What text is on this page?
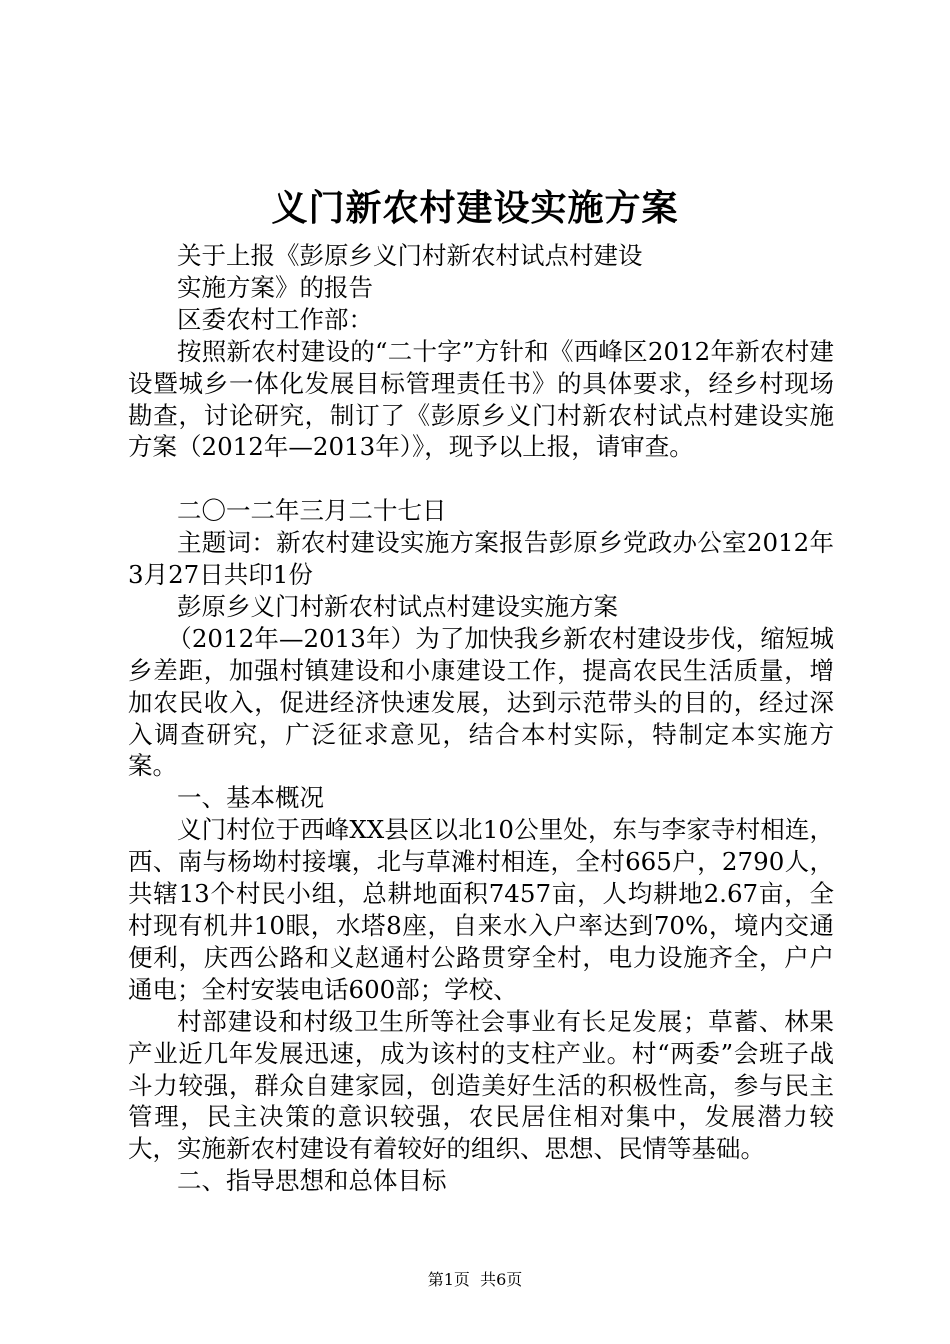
义门新农村建设实施方案

关于上报《彭原乡义门村新农村试点村建设

实施方案》的报告

区委农村工作部：

按照新农村建设的“二十字”方针和《西峰区2012年新农村建设暨城乡一体化发展目标管理责任书》的具体要求，经乡村现场勘查，讨论研究，制订了《彭原乡义门村新农村试点村建设实施方案（2012年—2013年）》，现予以上报，请审查。

二〇一二年三月二十七日

主题词：新农村建设实施方案报告彭原乡党政办公室2012年3月27日共印1份

彭原乡义门村新农村试点村建设实施方案

（2012年—2013年）为了加快我乡新农村建设步伐，缩短城乡差距，加强村镇建设和小康建设工作，提高农民生活质量，增加农民收入，促进经济快速发展，达到示范带头的目的，经过深入调查研究，广泛征求意见，结合本村实际，特制定本实施方案。

一、基本概况

义门村位于西峰XX县区以北10公里处，东与李家寺村相连，西、南与杨坳村接壤，北与草滩村相连，全村665户，2790人，共辖13个村民小组，总耕地面积7457亩，人均耕地2.67亩，全村现有机井10眼，水塔8座，自来水入户率达到70%，境内交通便利，庆西公路和义赵通村公路贯穿全村，电力设施齐全，户户通电；全村安装电话600部；学校、

村部建设和村级卫生所等社会事业有长足发展；草蓄、林果产业近几年发展迅速，成为该村的支柱产业。村“两委”会班子战斗力较强，群众自建家园，创造美好生活的积极性高，参与民主管理，民主决策的意识较强，农民居住相对集中，发展潜力较大，实施新农村建设有着较好的组织、思想、民情等基础。

二、指导思想和总体目标

第1页 共6页
